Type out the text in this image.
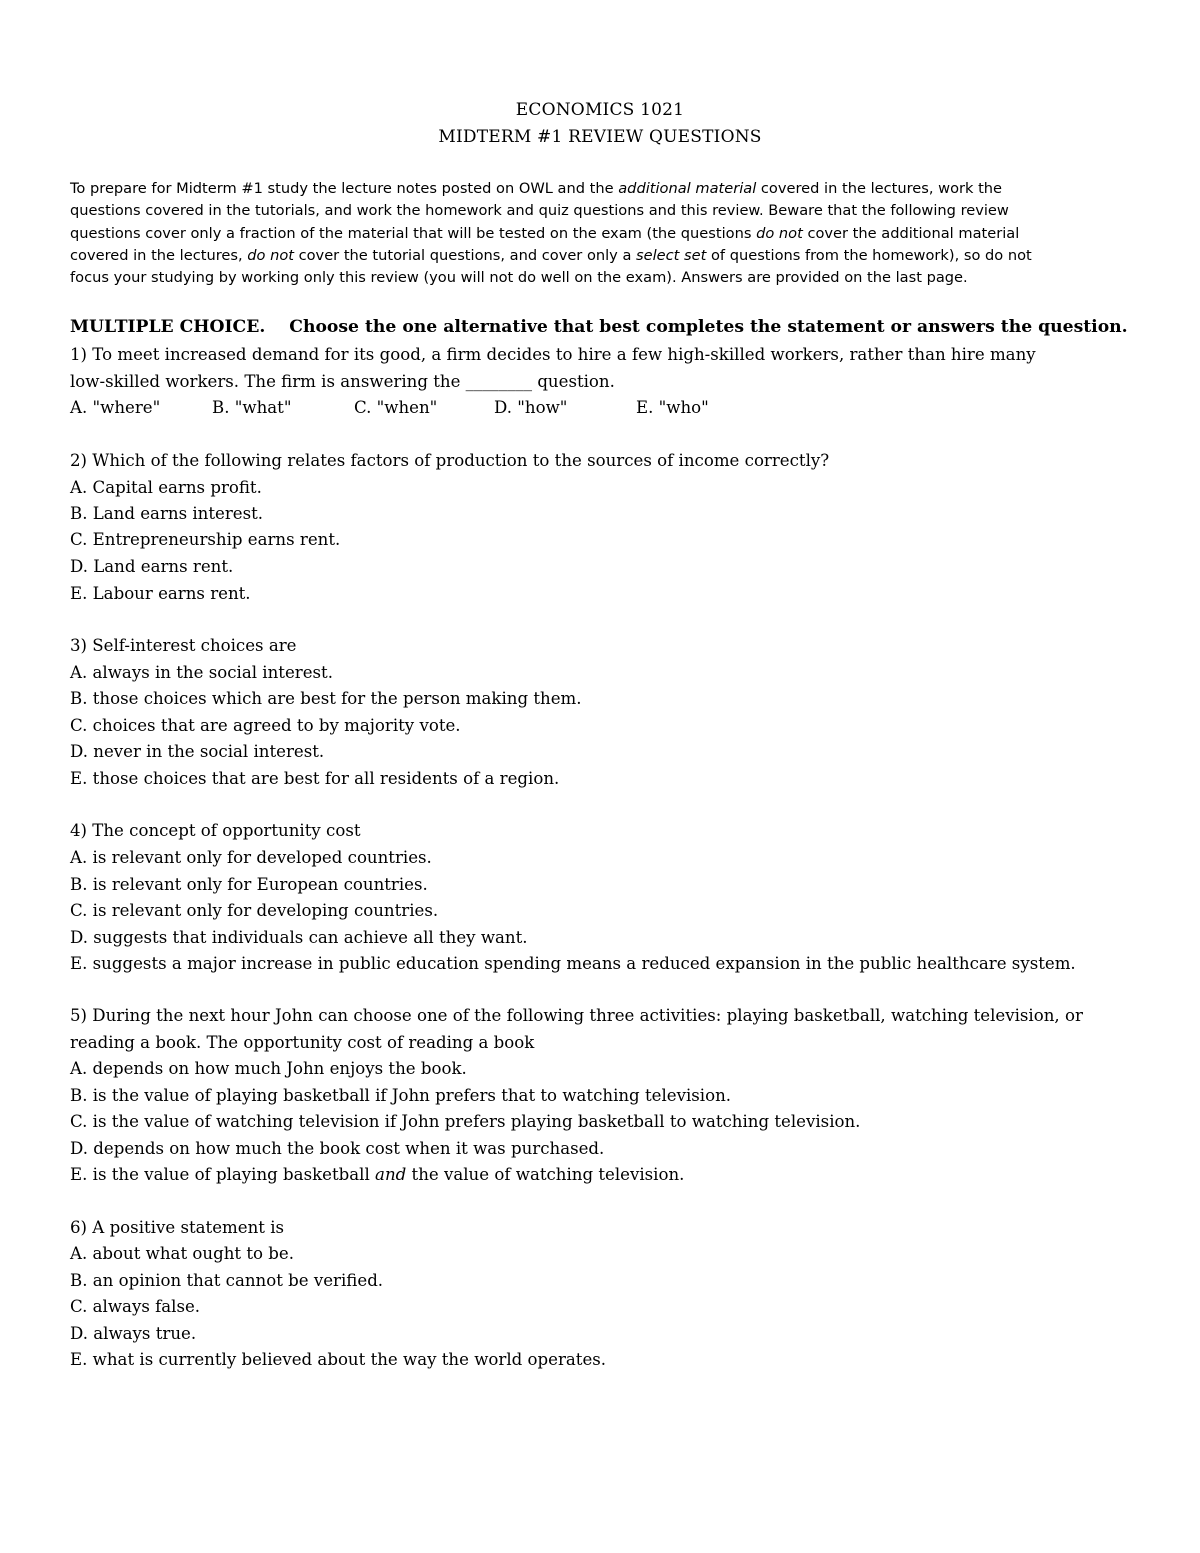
ECONOMICS 1021
MIDTERM #1 REVIEW QUESTIONS
To prepare for Midterm #1 study the lecture notes posted on OWL and the additional material covered in the lectures, work the
questions covered in the tutorials, and work the homework and quiz questions and this review. Beware that the following review
questions cover only a fraction of the material that will be tested on the exam (the questions do not cover the additional material
covered in the lectures, do not cover the tutorial questions, and cover only a select set of questions from the homework), so do not
focus your studying by working only this review (you will not do well on the exam). Answers are provided on the last page.
MULTIPLE CHOICE. Choose the one alternative that best completes the statement or answers the question.
1) To meet increased demand for its good, a firm decides to hire a few high-skilled workers, rather than hire many
low-skilled workers. The firm is answering the ________ question.
A. "where"	B. "what"	C. "when"	D. "how"	E. "who"
2) Which of the following relates factors of production to the sources of income correctly?
A. Capital earns profit.
B. Land earns interest.
C. Entrepreneurship earns rent.
D. Land earns rent.
E. Labour earns rent.
3) Self-interest choices are
A. always in the social interest.
B. those choices which are best for the person making them.
C. choices that are agreed to by majority vote.
D. never in the social interest.
E. those choices that are best for all residents of a region.
4) The concept of opportunity cost
A. is relevant only for developed countries.
B. is relevant only for European countries.
C. is relevant only for developing countries.
D. suggests that individuals can achieve all they want.
E. suggests a major increase in public education spending means a reduced expansion in the public healthcare system.
5) During the next hour John can choose one of the following three activities: playing basketball, watching television, or
reading a book. The opportunity cost of reading a book
A. depends on how much John enjoys the book.
B. is the value of playing basketball if John prefers that to watching television.
C. is the value of watching television if John prefers playing basketball to watching television.
D. depends on how much the book cost when it was purchased.
E. is the value of playing basketball and the value of watching television.
6) A positive statement is
A. about what ought to be.
B. an opinion that cannot be verified.
C. always false.
D. always true.
E. what is currently believed about the way the world operates.
